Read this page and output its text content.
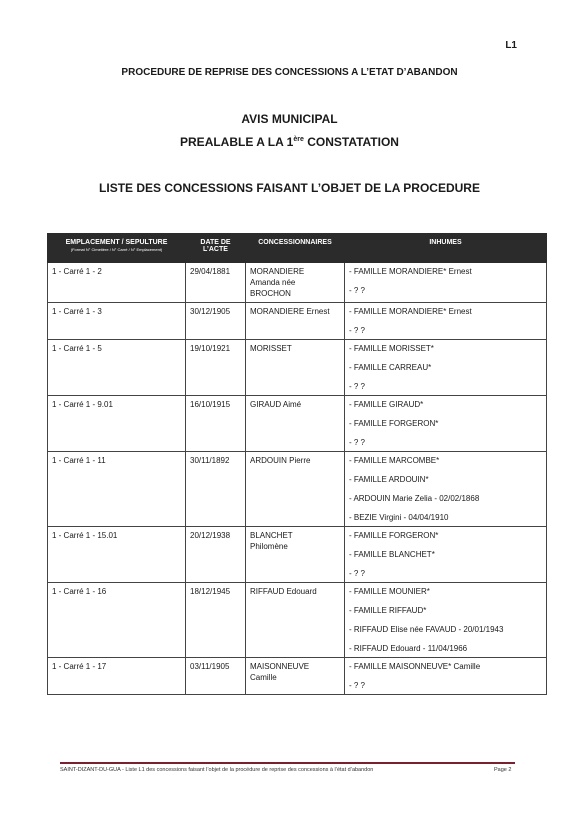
L1
PROCEDURE DE REPRISE DES CONCESSIONS A L’ETAT D’ABANDON
AVIS MUNICIPAL
PREALABLE A LA 1ère CONSTATATION
LISTE DES CONCESSIONS FAISANT L’OBJET DE LA PROCEDURE
EMPLACEMENT / SEPULTURE
(Format N° Cimetière / N° Carré / N° Emplacement)	DATE DE L’ACTE	CONCESSIONNAIRES	INHUMES

1 - Carré 1 - 2	29/04/1881	MORANDIERE
Amanda née
BROCHON	- FAMILLE MORANDIERE* Ernest
- ? ?

1 - Carré 1 - 3	30/12/1905	MORANDIERE Ernest	- FAMILLE MORANDIERE* Ernest
- ? ?

1 - Carré 1 - 5	19/10/1921	MORISSET	- FAMILLE MORISSET*
- FAMILLE CARREAU*
- ? ?

1 - Carré 1 - 9.01	16/10/1915	GIRAUD Aimé	- FAMILLE GIRAUD*
- FAMILLE FORGERON*
- ? ?

1 - Carré 1 - 11	30/11/1892	ARDOUIN Pierre	- FAMILLE MARCOMBE*
- FAMILLE ARDOUIN*
- ARDOUIN Marie Zelia - 02/02/1868
- BEZIE Virgini - 04/04/1910

1 - Carré 1 - 15.01	20/12/1938	BLANCHET
Philomène	- FAMILLE FORGERON*
- FAMILLE BLANCHET*
- ? ?

1 - Carré 1 - 16	18/12/1945	RIFFAUD Edouard	- FAMILLE MOUNIER*
- FAMILLE RIFFAUD*
- RIFFAUD Elise née FAVAUD - 20/01/1943
- RIFFAUD Edouard - 11/04/1966

1 - Carré 1 - 17	03/11/1905	MAISONNEUVE
Camille	- FAMILLE MAISONNEUVE* Camille
- ? ?
SAINT-DIZANT-DU-GUA - Liste L1 des concessions faisant l’objet de la procédure de reprise des concessions à l’état d’abandon	Page 2
